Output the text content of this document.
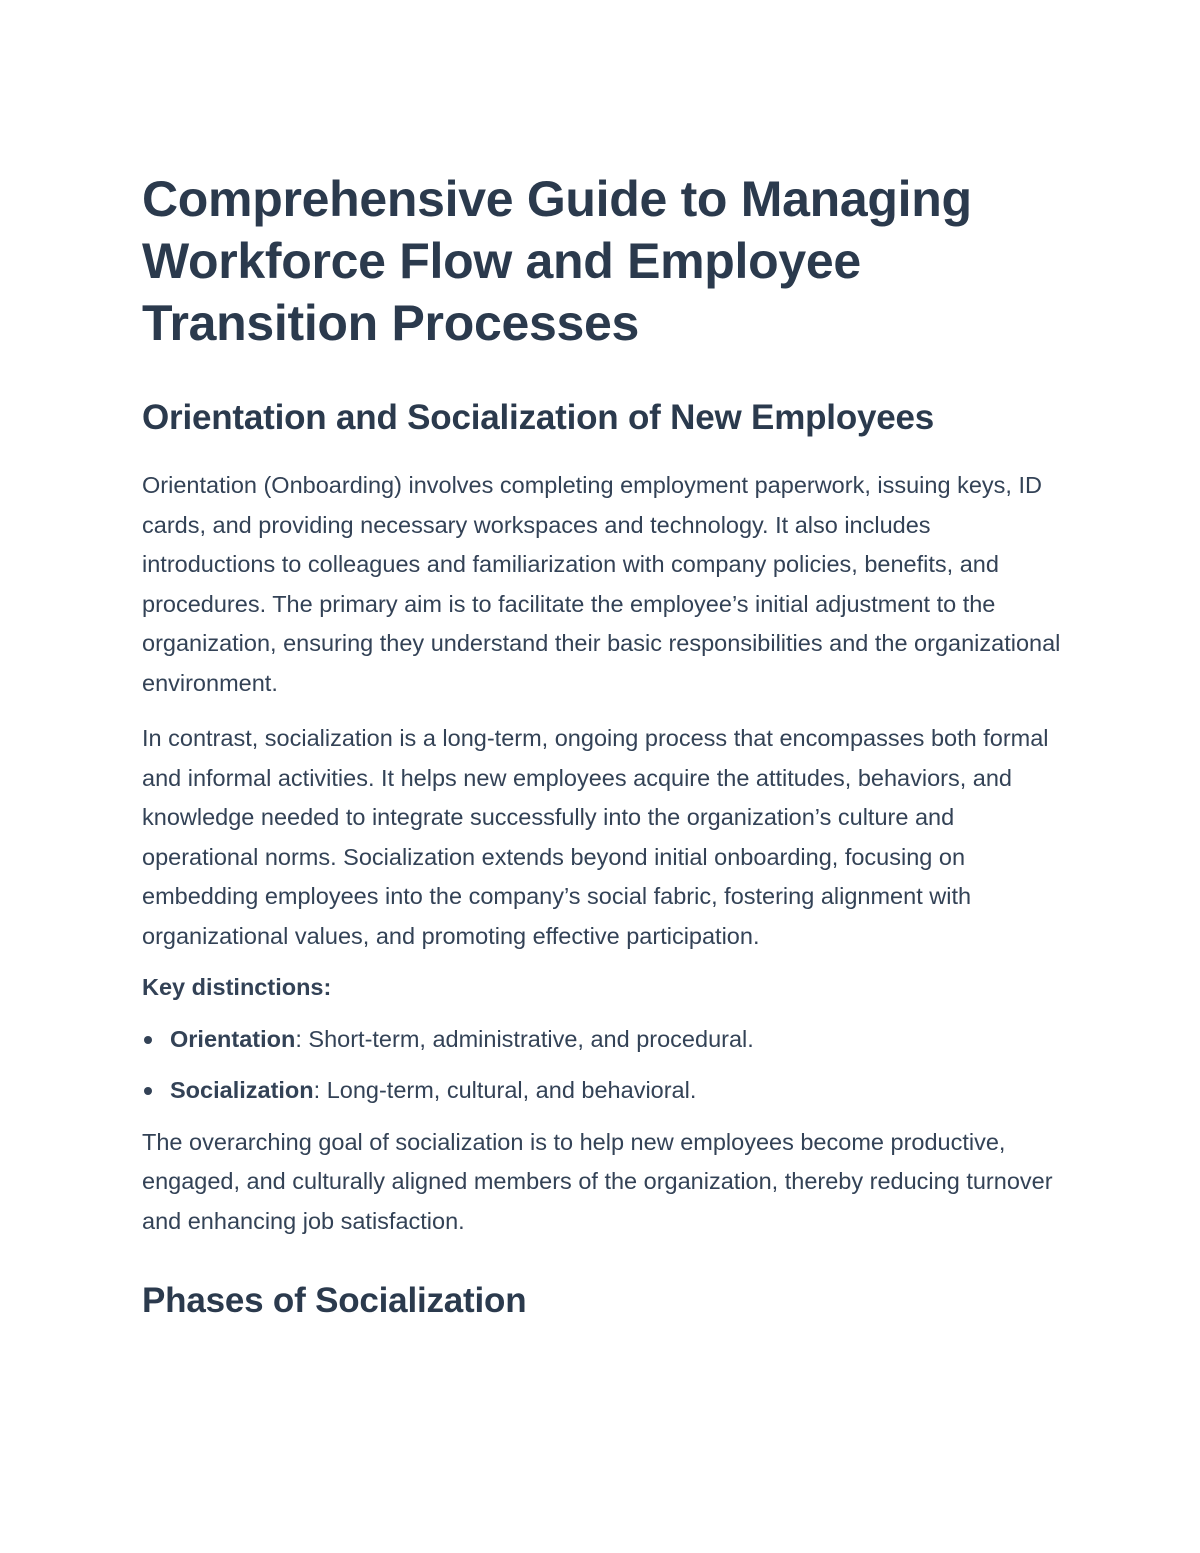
Comprehensive Guide to Managing Workforce Flow and Employee Transition Processes
Orientation and Socialization of New Employees

Orientation (Onboarding) involves completing employment paperwork, issuing keys, ID cards, and providing necessary workspaces and technology. It also includes introductions to colleagues and familiarization with company policies, benefits, and procedures. The primary aim is to facilitate the employee’s initial adjustment to the organization, ensuring they understand their basic responsibilities and the organizational environment.

In contrast, socialization is a long-term, ongoing process that encompasses both formal and informal activities. It helps new employees acquire the attitudes, behaviors, and knowledge needed to integrate successfully into the organization’s culture and operational norms. Socialization extends beyond initial onboarding, focusing on embedding employees into the company’s social fabric, fostering alignment with organizational values, and promoting effective participation.

Key distinctions:

Orientation: Short-term, administrative, and procedural.
Socialization: Long-term, cultural, and behavioral.

The overarching goal of socialization is to help new employees become productive, engaged, and culturally aligned members of the organization, thereby reducing turnover and enhancing job satisfaction.

Phases of Socialization
